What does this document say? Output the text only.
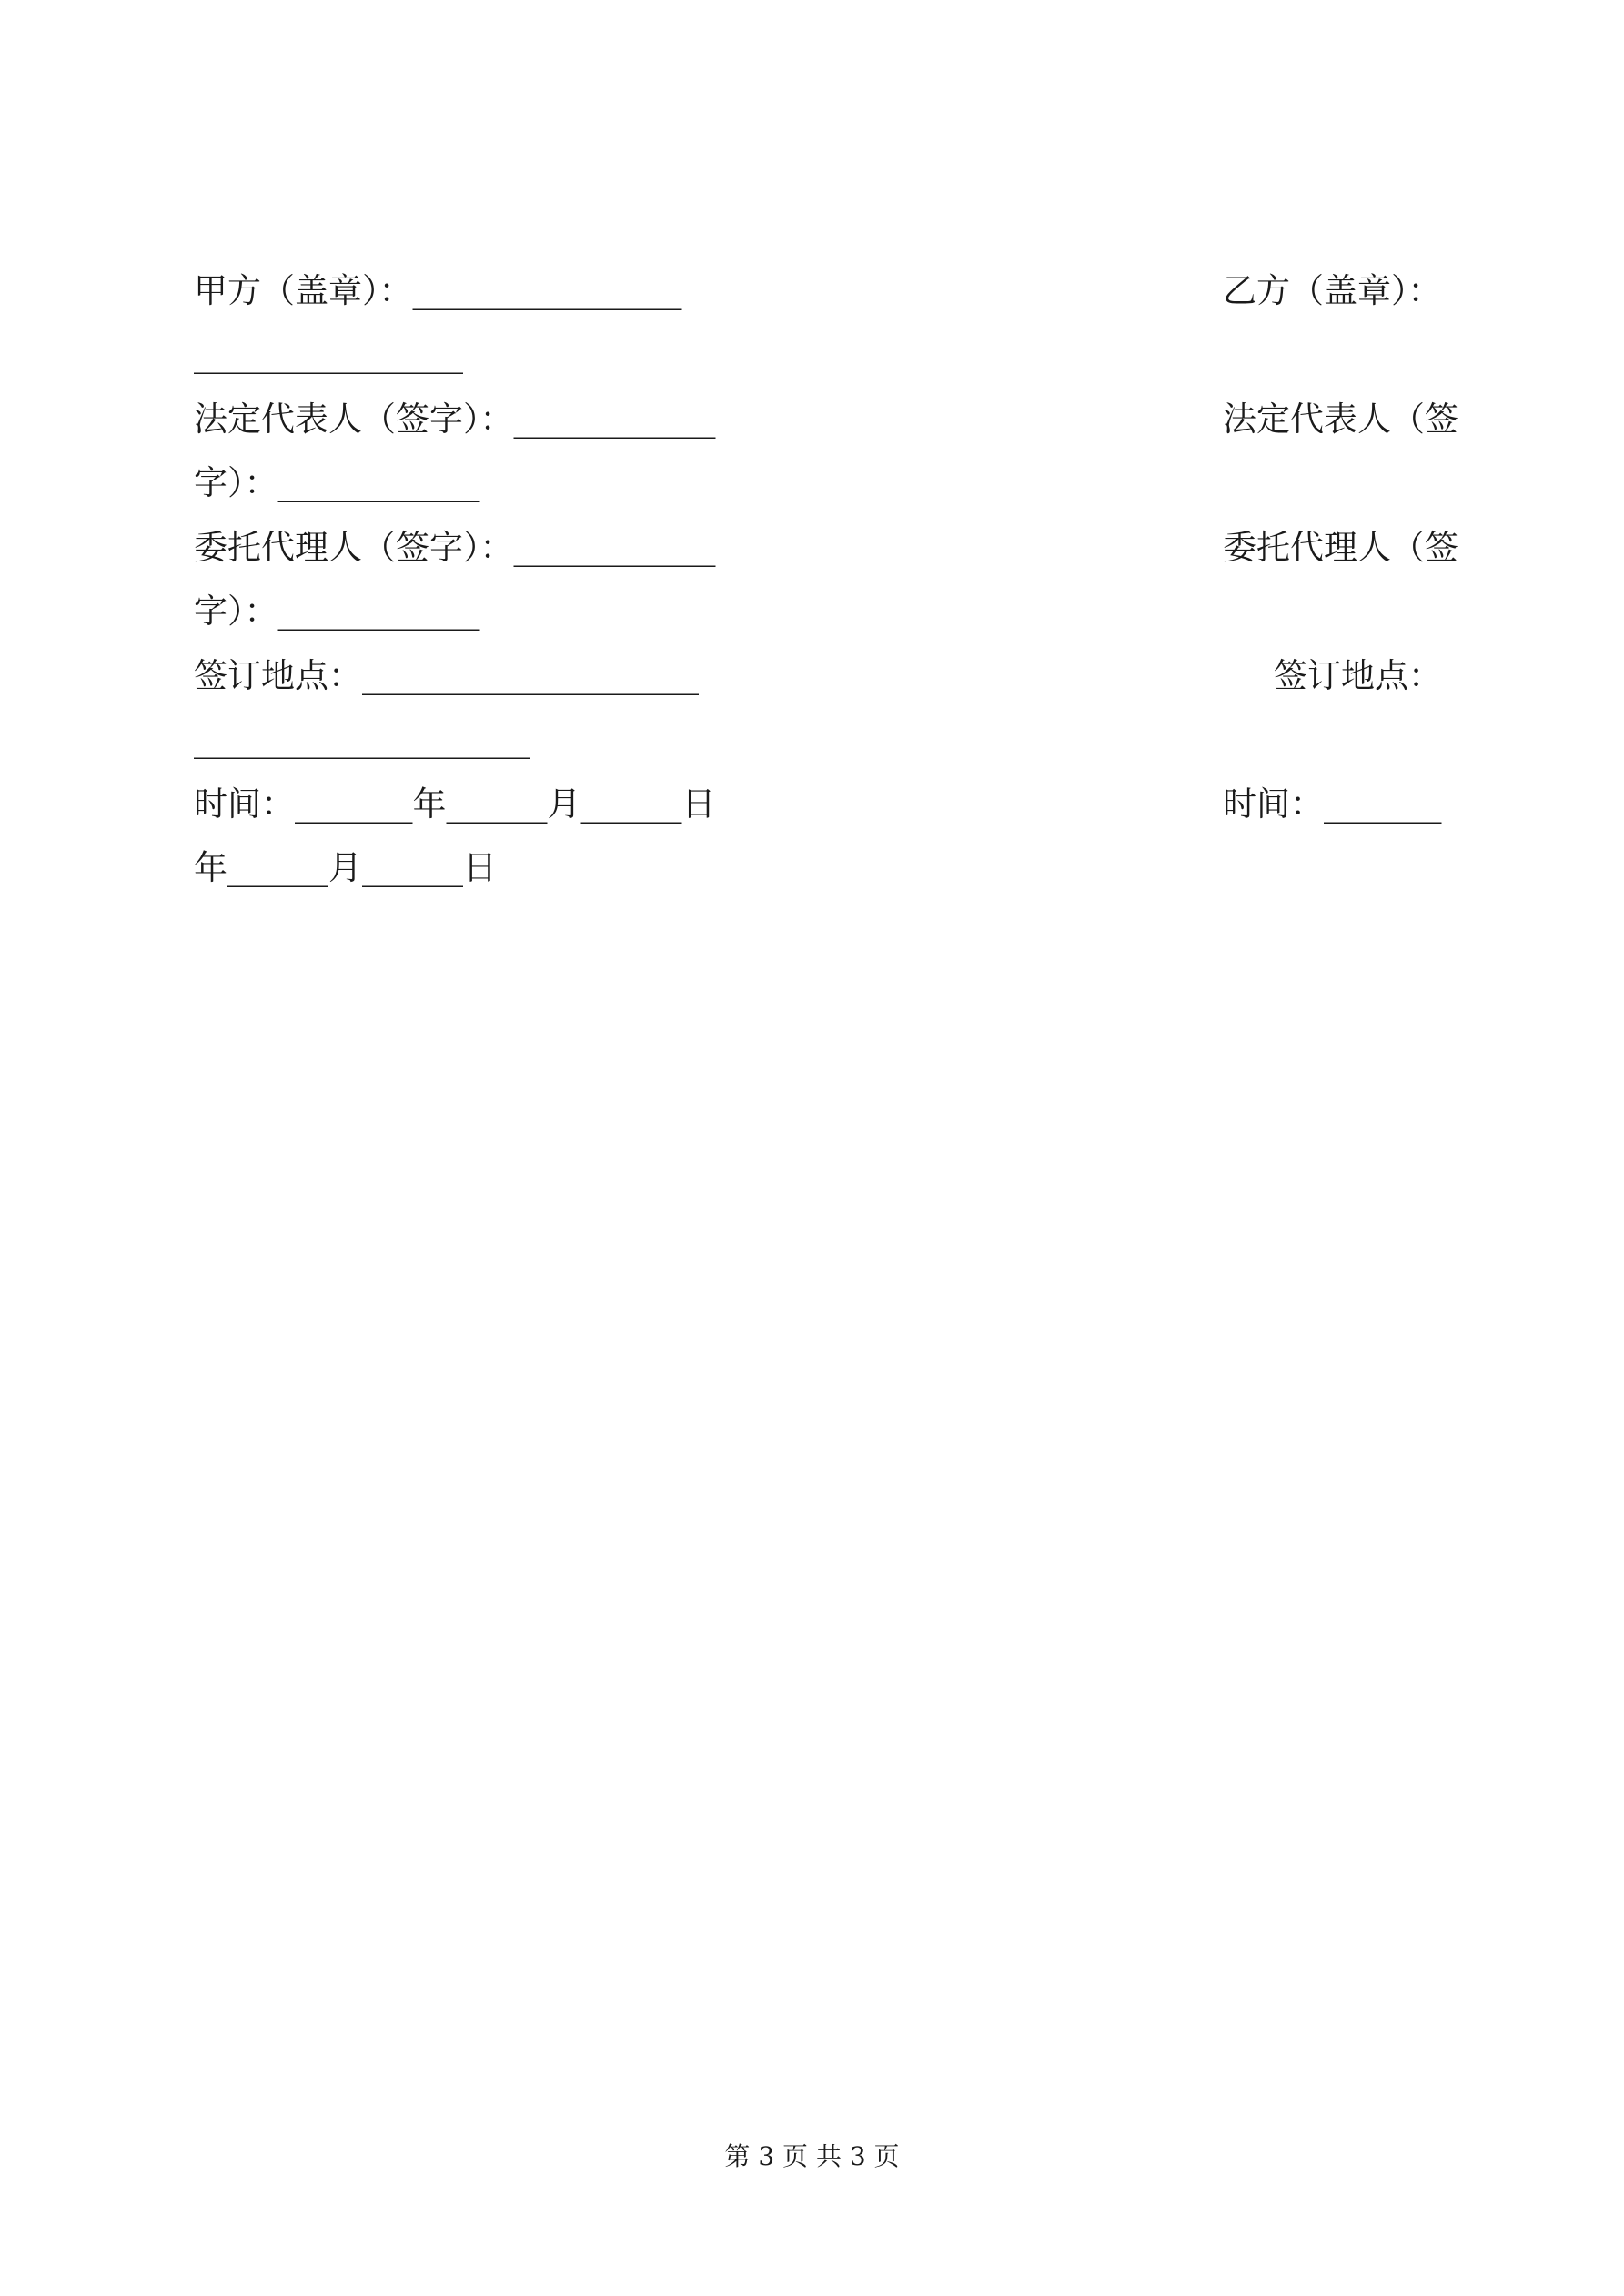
甲方（盖章）：________________	乙方（盖章）：
________________
法定代表人（签字）：____________	法定代表人（签
字）：____________
委托代理人（签字）：____________	委托代理人（签
字）：____________
签订地点：____________________	签订地点：
____________________
时间：_______年______月______日	时间：_______
年______月______日
第 3 页 共 3 页
